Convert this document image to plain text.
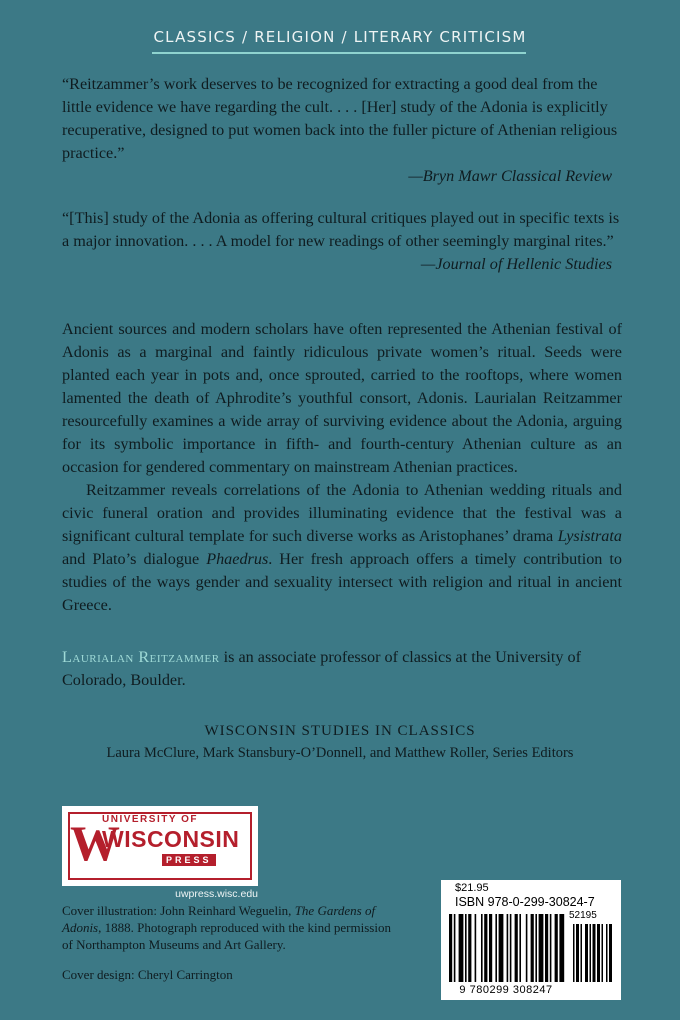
CLASSICS / RELIGION / LITERARY CRITICISM
“Reitzammer’s work deserves to be recognized for extracting a good deal from the little evidence we have regarding the cult. . . . [Her] study of the Adonia is explicitly recuperative, designed to put women back into the fuller picture of Athenian religious practice.”
—Bryn Mawr Classical Review
“[This] study of the Adonia as offering cultural critiques played out in specific texts is a major innovation. . . . A model for new readings of other seemingly marginal rites.”
—Journal of Hellenic Studies

Ancient sources and modern scholars have often represented the Athenian festival of Adonis as a marginal and faintly ridiculous private women’s ritual. Seeds were planted each year in pots and, once sprouted, carried to the rooftops, where women lamented the death of Aphrodite’s youthful consort, Adonis. Laurialan Reitzammer resourcefully examines a wide array of surviving evidence about the Adonia, arguing for its symbolic importance in fifth- and fourth-century Athenian culture as an occasion for gendered commentary on mainstream Athenian practices.

Reitzammer reveals correlations of the Adonia to Athenian wedding rituals and civic funeral oration and provides illuminating evidence that the festival was a significant cultural template for such diverse works as Aristophanes’ drama Lysistrata and Plato’s dialogue Phaedrus. Her fresh approach offers a timely contribution to studies of the ways gender and sexuality intersect with religion and ritual in ancient Greece.

Laurialan Reitzammer is an associate professor of classics at the University of Colorado, Boulder.
WISCONSIN STUDIES IN CLASSICS
Laura McClure, Mark Stansbury-O’Donnell, and Matthew Roller, Series Editors
W
UNIVERSITY OF
WISCONSIN
PRESS
uwpress.wisc.edu
Cover illustration: John Reinhard Weguelin, The Gardens of Adonis, 1888. Photograph reproduced with the kind permission of Northampton Museums and Art Gallery.
Cover design: Cheryl Carrington
$21.95
ISBN 978-0-299-30824-7
52195
9 780299 308247
